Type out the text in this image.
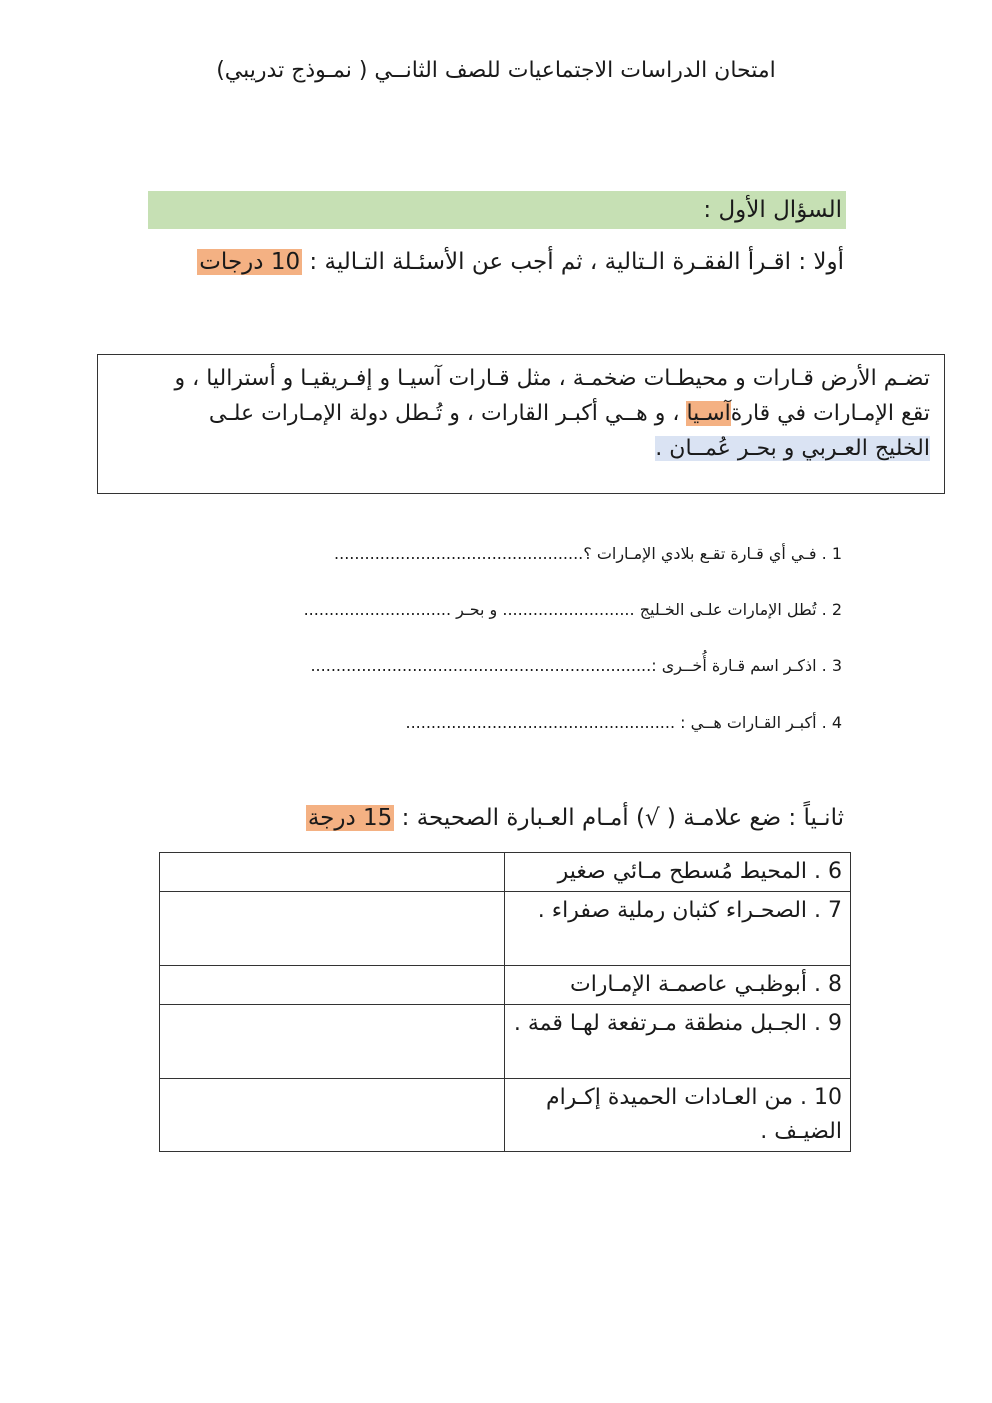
امتحان الدراسات الاجتماعيات للصف الثانــي ( نمـوذج تدريبي)
السؤال الأول :
أولا : اقـرأ الفقـرة الـتالية ، ثم أجب عن الأسئـلة التـالية : 10 درجات
تضـم الأرض قـارات و محيطـات ضخمـة ، مثل قـارات آسيـا و إفـريقيـا و أستراليا ، و
تقع الإمـارات في قارةآسـيا ، و هــي أكبـر القارات ، و تُـطل دولة الإمـارات علـى
الخليج العـربي و بحـر عُمــان .
1 . فـي أي قـارة تقـع بلادي الإمـارات ؟.................................................
2 . تُطل الإمارات علـى الخـليج .......................... و بحـر .............................
3 . اذكـر اسم قـارة أُخــرى :...................................................................
4 . أكبـر القـارات هــي : .....................................................
ثانـياً : ضع علامـة ( √) أمـام العـبارة الصحيحة : 15 درجة
6 . المحيط مُسطح مـائي صغير	
7 . الصحـراء كثبان رملية صفراء .	
8 . أبوظبـي عاصمـة الإمـارات	
9 . الجـبل منطقة مـرتفعة لهـا قمة .	
10 . من العـادات الحميدة إكـرام الضيـف .	
